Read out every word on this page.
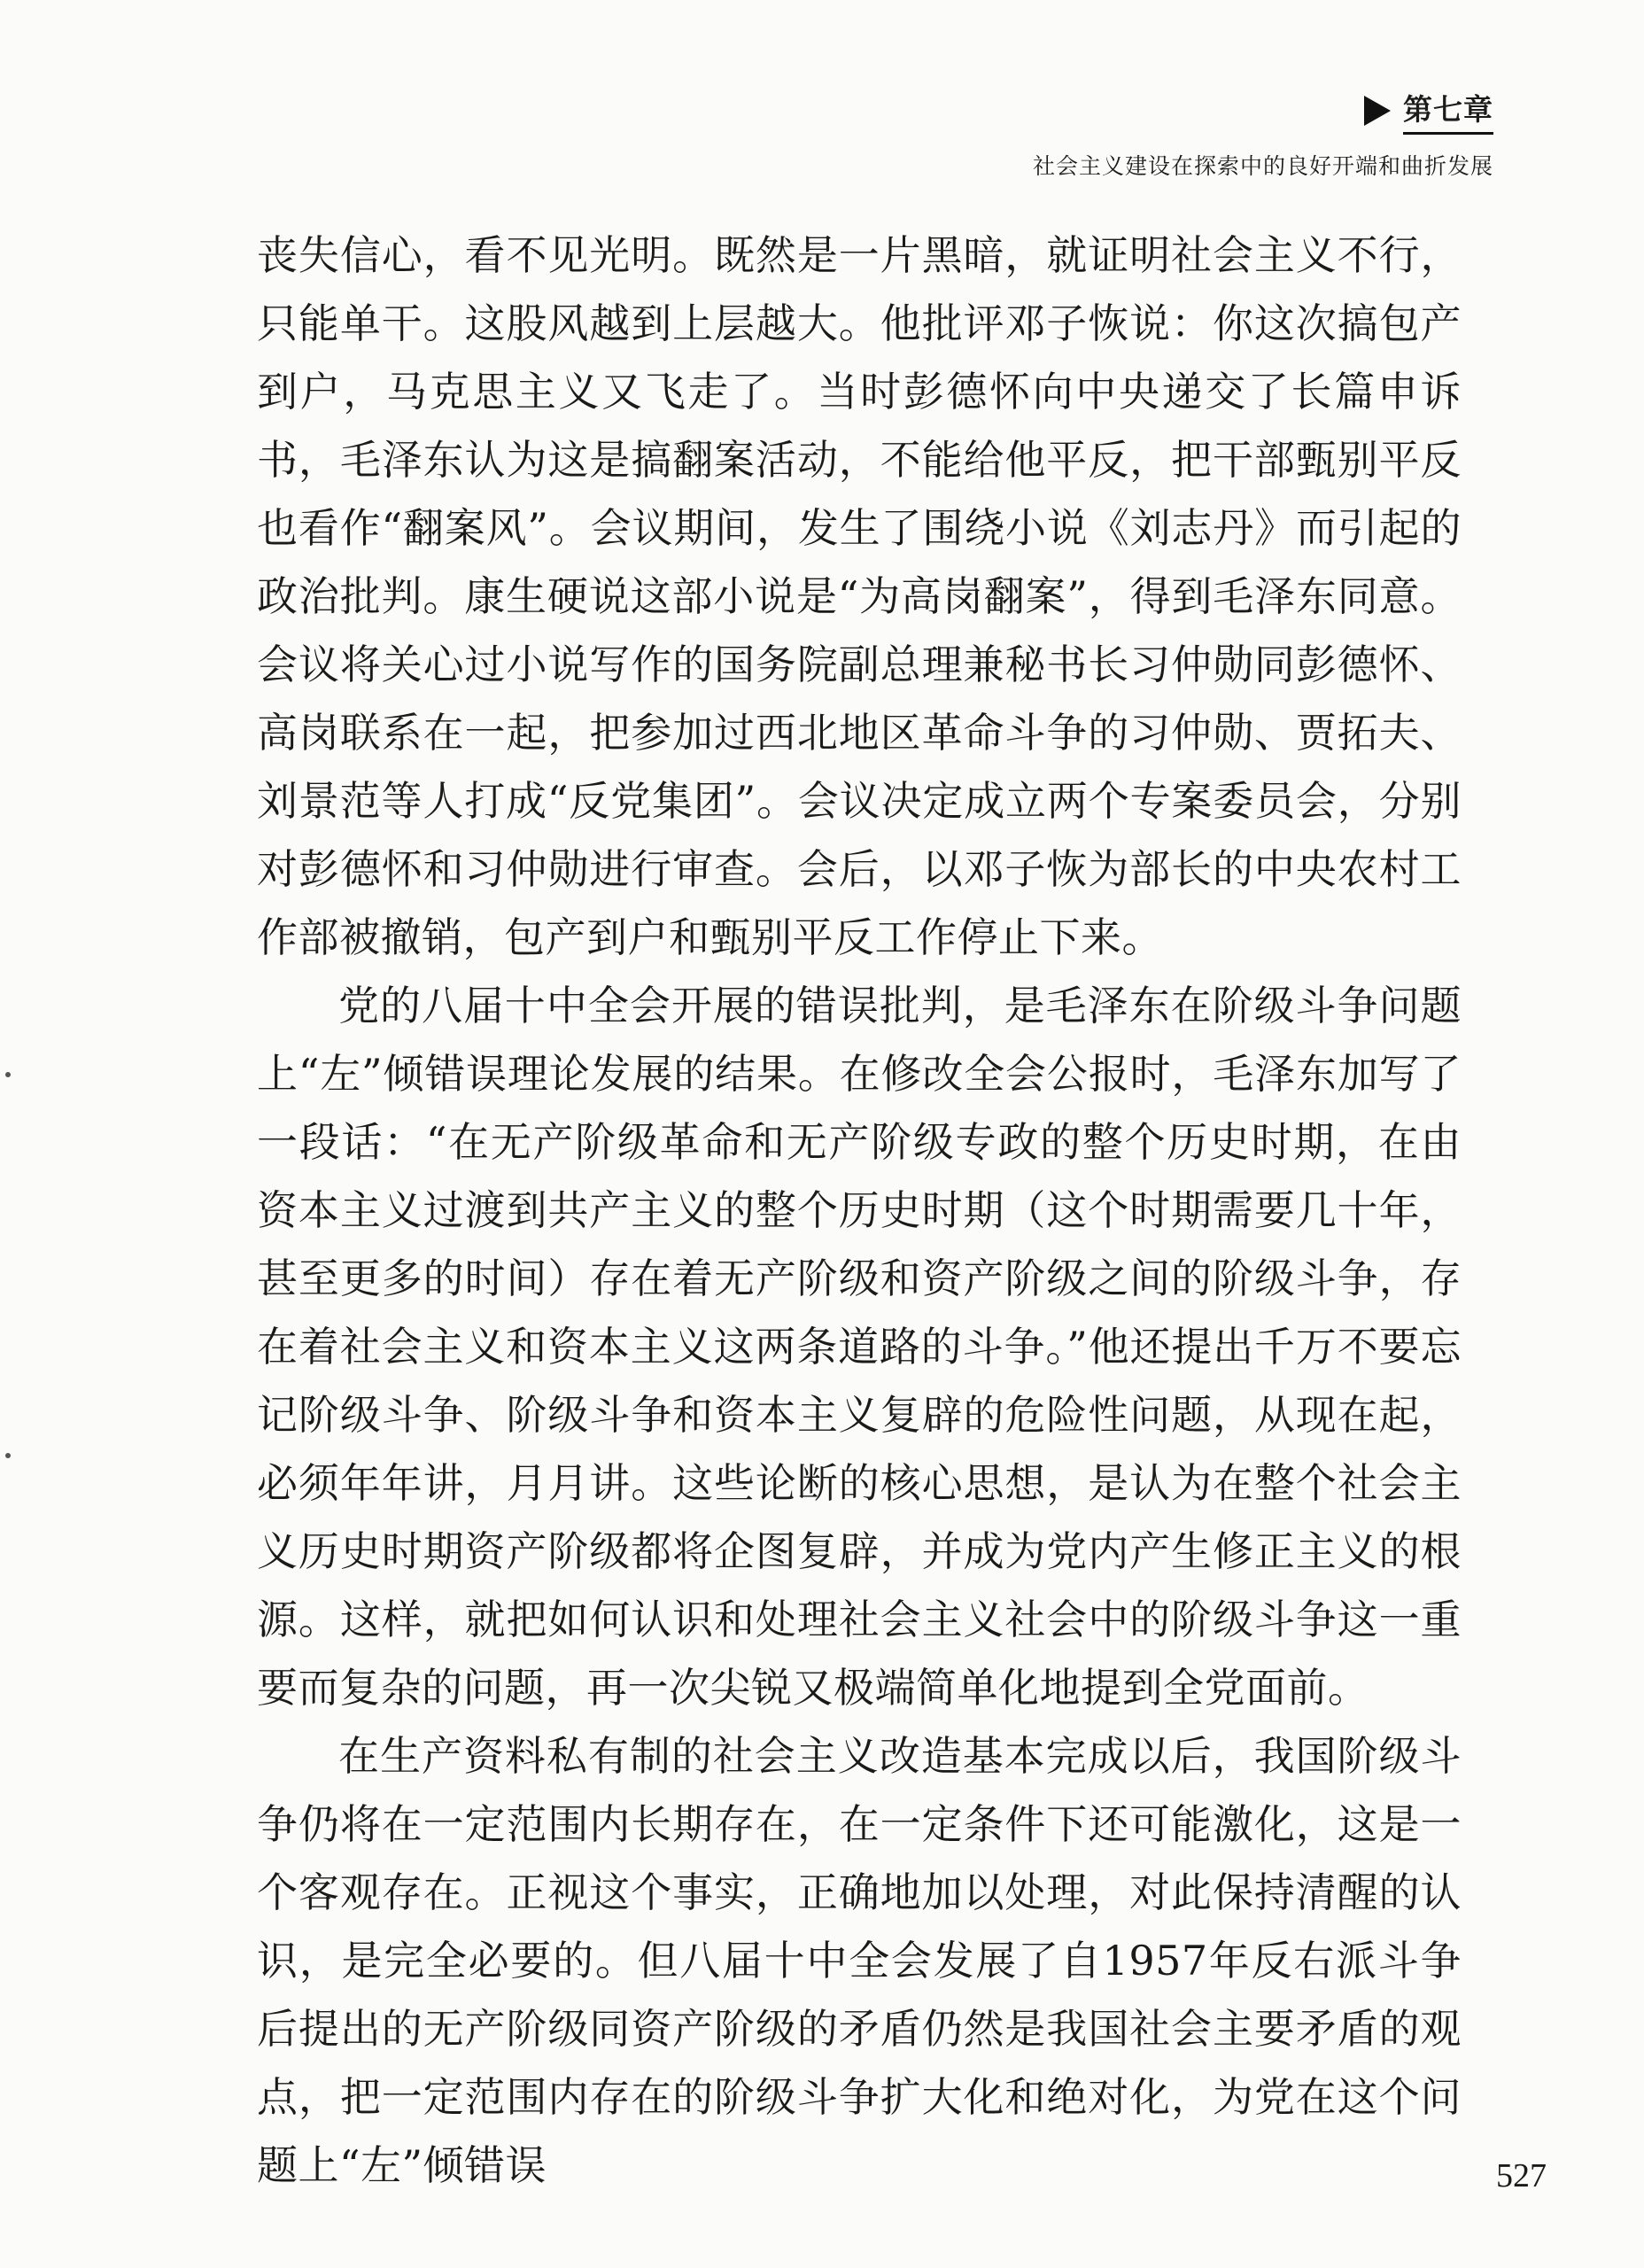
第七章
社会主义建设在探索中的良好开端和曲折发展

丧失信心，看不见光明。既然是一片黑暗，就证明社会主义不行，只能单干。这股风越到上层越大。他批评邓子恢说：你这次搞包产到户，马克思主义又飞走了。当时彭德怀向中央递交了长篇申诉书，毛泽东认为这是搞翻案活动，不能给他平反，把干部甄别平反也看作“翻案风”。会议期间，发生了围绕小说《刘志丹》而引起的政治批判。康生硬说这部小说是“为高岗翻案”，得到毛泽东同意。会议将关心过小说写作的国务院副总理兼秘书长习仲勋同彭德怀、高岗联系在一起，把参加过西北地区革命斗争的习仲勋、贾拓夫、刘景范等人打成“反党集团”。会议决定成立两个专案委员会，分别对彭德怀和习仲勋进行审查。会后，以邓子恢为部长的中央农村工作部被撤销，包产到户和甄别平反工作停止下来。

党的八届十中全会开展的错误批判，是毛泽东在阶级斗争问题上“左”倾错误理论发展的结果。在修改全会公报时，毛泽东加写了一段话：“在无产阶级革命和无产阶级专政的整个历史时期，在由资本主义过渡到共产主义的整个历史时期（这个时期需要几十年，甚至更多的时间）存在着无产阶级和资产阶级之间的阶级斗争，存在着社会主义和资本主义这两条道路的斗争。”他还提出千万不要忘记阶级斗争、阶级斗争和资本主义复辟的危险性问题，从现在起，必须年年讲，月月讲。这些论断的核心思想，是认为在整个社会主义历史时期资产阶级都将企图复辟，并成为党内产生修正主义的根源。这样，就把如何认识和处理社会主义社会中的阶级斗争这一重要而复杂的问题，再一次尖锐又极端简单化地提到全党面前。

在生产资料私有制的社会主义改造基本完成以后，我国阶级斗争仍将在一定范围内长期存在，在一定条件下还可能激化，这是一个客观存在。正视这个事实，正确地加以处理，对此保持清醒的认识，是完全必要的。但八届十中全会发展了自1957年反右派斗争后提出的无产阶级同资产阶级的矛盾仍然是我国社会主要矛盾的观点，把一定范围内存在的阶级斗争扩大化和绝对化，为党在这个问题上“左”倾错误	527
